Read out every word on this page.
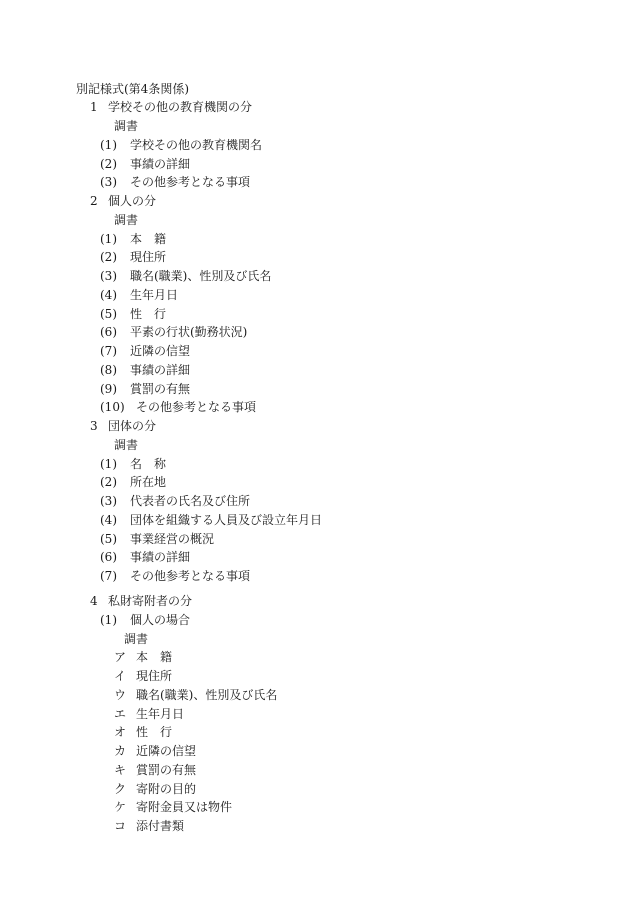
別記様式(第4条関係)
1 学校その他の教育機関の分
調書
(1) 学校その他の教育機関名
(2) 事績の詳細
(3) その他参考となる事項
2 個人の分
調書
(1) 本　籍
(2) 現住所
(3) 職名(職業)、性別及び氏名
(4) 生年月日
(5) 性　行
(6) 平素の行状(勤務状況)
(7) 近隣の信望
(8) 事績の詳細
(9) 賞罰の有無
(10) その他参考となる事項
3 団体の分
調書
(1) 名　称
(2) 所在地
(3) 代表者の氏名及び住所
(4) 団体を組織する人員及び設立年月日
(5) 事業経営の概況
(6) 事績の詳細
(7) その他参考となる事項
4 私財寄附者の分
(1) 個人の場合
調書
ア 本　籍
イ 現住所
ウ 職名(職業)、性別及び氏名
エ 生年月日
オ 性　行
カ 近隣の信望
キ 賞罰の有無
ク 寄附の目的
ケ 寄附金員又は物件
コ 添付書類
